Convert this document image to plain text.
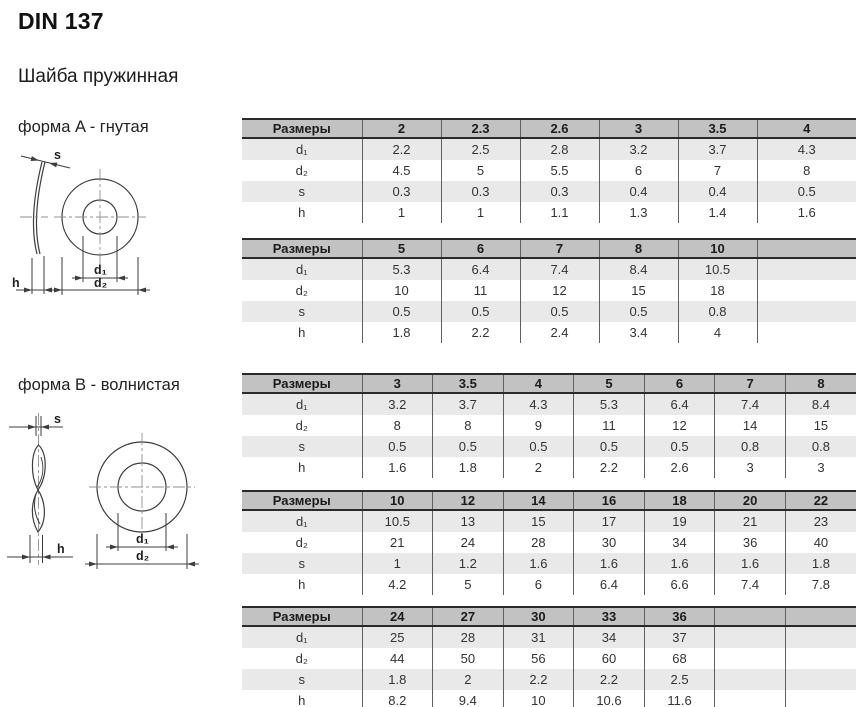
DIN 137
Шайба пружинная
форма A - гнутая
форма B - волнистая
s
h
d₁
d₂
s
h
d₁
d₂
Размеры	2	2.3	2.6	3	3.5	4
d₁	2.2	2.5	2.8	3.2	3.7	4.3
d₂	4.5	5	5.5	6	7	8
s	0.3	0.3	0.3	0.4	0.4	0.5
h	1	1	1.1	1.3	1.4	1.6
Размеры	5	6	7	8	10	
d₁	5.3	6.4	7.4	8.4	10.5	
d₂	10	11	12	15	18	
s	0.5	0.5	0.5	0.5	0.8	
h	1.8	2.2	2.4	3.4	4	
Размеры	3	3.5	4	5	6	7	8
d₁	3.2	3.7	4.3	5.3	6.4	7.4	8.4
d₂	8	8	9	11	12	14	15
s	0.5	0.5	0.5	0.5	0.5	0.8	0.8
h	1.6	1.8	2	2.2	2.6	3	3
Размеры	10	12	14	16	18	20	22
d₁	10.5	13	15	17	19	21	23
d₂	21	24	28	30	34	36	40
s	1	1.2	1.6	1.6	1.6	1.6	1.8
h	4.2	5	6	6.4	6.6	7.4	7.8
Размеры	24	27	30	33	36		
d₁	25	28	31	34	37		
d₂	44	50	56	60	68		
s	1.8	2	2.2	2.2	2.5		
h	8.2	9.4	10	10.6	11.6		
